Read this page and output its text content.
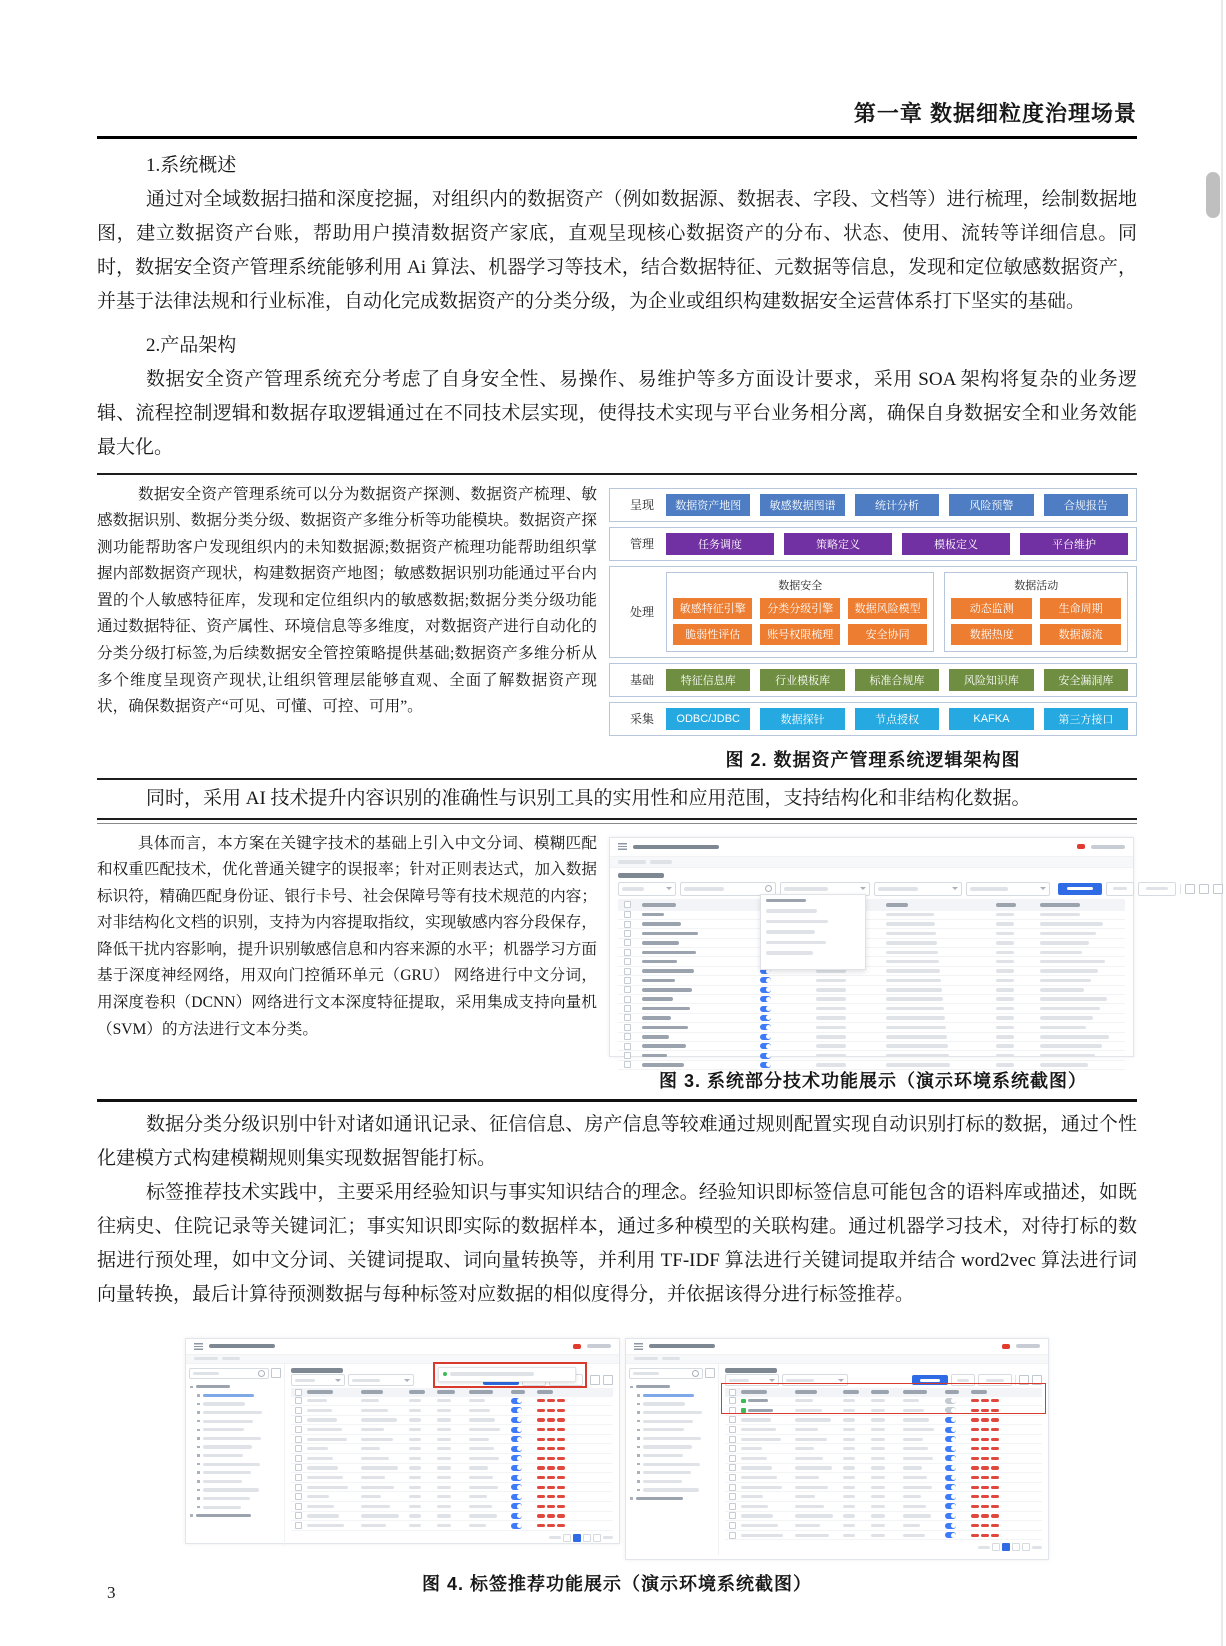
第一章 数据细粒度治理场景

1.系统概述

通过对全域数据扫描和深度挖掘，对组织内的数据资产（例如数据源、数据表、字段、文档等）进行梳理，绘制数据地图，建立数据资产台账，帮助用户摸清数据资产家底，直观呈现核心数据资产的分布、状态、使用、流转等详细信息。同时，数据安全资产管理系统能够利用 Ai 算法、机器学习等技术，结合数据特征、元数据等信息，发现和定位敏感数据资产，并基于法律法规和行业标准，自动化完成数据资产的分类分级，为企业或组织构建数据安全运营体系打下坚实的基础。

2.产品架构

数据安全资产管理系统充分考虑了自身安全性、易操作、易维护等多方面设计要求，采用 SOA 架构将复杂的业务逻辑、流程控制逻辑和数据存取逻辑通过在不同技术层实现，使得技术实现与平台业务相分离，确保自身数据安全和业务效能最大化。

数据安全资产管理系统可以分为数据资产探测、数据资产梳理、敏感数据识别、数据分类分级、数据资产多维分析等功能模块。数据资产探测功能帮助客户发现组织内的未知数据源;数据资产梳理功能帮助组织掌握内部数据资产现状，构建数据资产地图；敏感数据识别功能通过平台内置的个人敏感特征库，发现和定位组织内的敏感数据;数据分类分级功能通过数据特征、资产属性、环境信息等多维度，对数据资产进行自动化的分类分级打标签,为后续数据安全管控策略提供基础;数据资产多维分析从多个维度呈现资产现状,让组织管理层能够直观、全面了解数据资产现状，确保数据资产“可见、可懂、可控、可用”。

呈现	数据资产地图	敏感数据图谱	统计分析	风险预警	合规报告
管理	任务调度	策略定义	模板定义	平台维护
处理
数据安全
敏感特征引擎	分类分级引擎	数据风险模型
脆弱性评估	账号权限梳理	安全协同
数据活动
动态监测	生命周期
数据热度	数据源流
基础	特征信息库	行业模板库	标准合规库	风险知识库	安全漏洞库
采集	ODBC/JDBC	数据探针	节点授权	KAFKA	第三方接口
图 2. 数据资产管理系统逻辑架构图

同时，采用 AI 技术提升内容识别的准确性与识别工具的实用性和应用范围，支持结构化和非结构化数据。

具体而言，本方案在关键字技术的基础上引入中文分词、模糊匹配和权重匹配技术，优化普通关键字的误报率；针对正则表达式，加入数据标识符，精确匹配身份证、银行卡号、社会保障号等有技术规范的内容；对非结构化文档的识别，支持为内容提取指纹，实现敏感内容分段保存，降低干扰内容影响，提升识别敏感信息和内容来源的水平；机器学习方面基于深度神经网络，用双向门控循环单元（GRU） 网络进行中文分词，用深度卷积（DCNN）网络进行文本深度特征提取，采用集成支持向量机（SVM）的方法进行文本分类。

图 3. 系统部分技术功能展示（演示环境系统截图）

数据分类分级识别中针对诸如通讯记录、征信信息、房产信息等较难通过规则配置实现自动识别打标的数据，通过个性化建模方式构建模糊规则集实现数据智能打标。

标签推荐技术实践中，主要采用经验知识与事实知识结合的理念。经验知识即标签信息可能包含的语料库或描述，如既往病史、住院记录等关键词汇；事实知识即实际的数据样本，通过多种模型的关联构建。通过机器学习技术，对待打标的数据进行预处理，如中文分词、关键词提取、词向量转换等，并利用 TF-IDF 算法进行关键词提取并结合 word2vec 算法进行词向量转换，最后计算待预测数据与每种标签对应数据的相似度得分，并依据该得分进行标签推荐。

图 4. 标签推荐功能展示（演示环境系统截图）
3
